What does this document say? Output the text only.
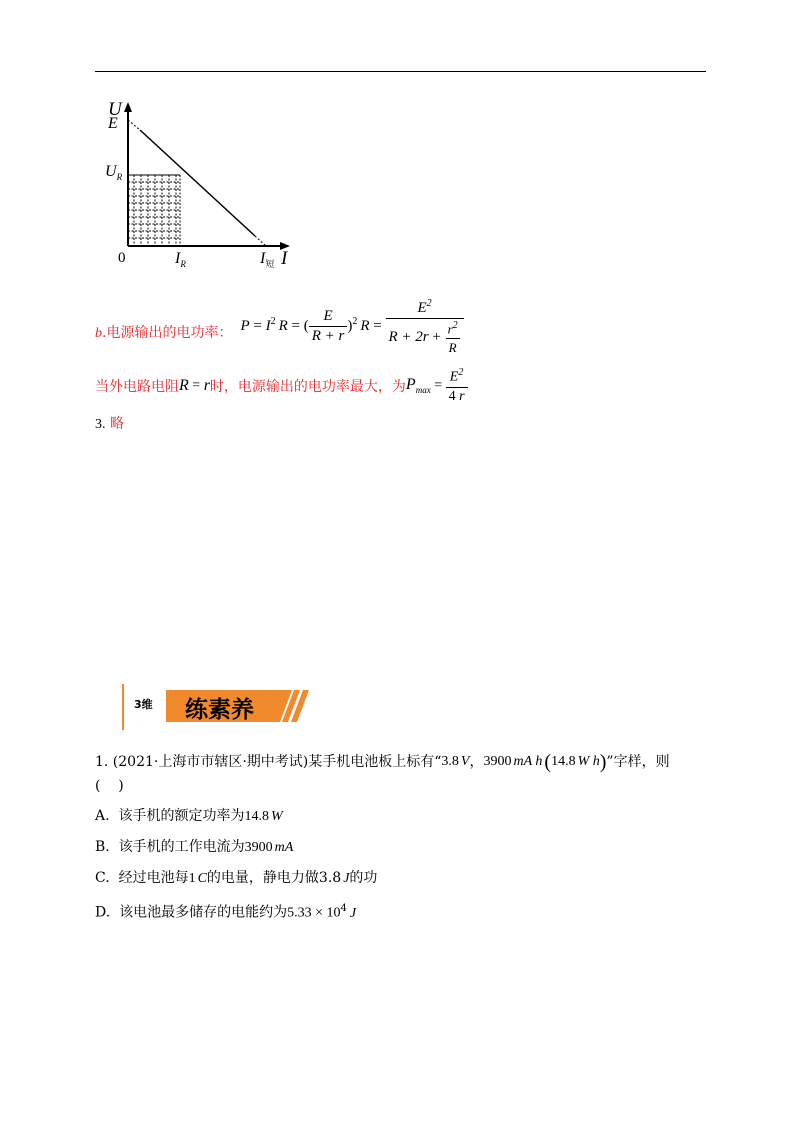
U
E
$U_R$
0	$I_R$	$I_短$ I
b.电源输出的电功率： $P = I^2$ R = ( $\frac{E}{R + r} )^2$ $R = \frac{E^2}{R + 2 r + \frac{r^2}{R}}$
当外电路电阻 R = r 时，电源输出的电功率最大，为 $P_{max} = \frac{E^2}{4 r}$
3. 略
3维 练素养
1. (2021·上海市市辖区·期中考试)某手机电池板上标有“ 3.8 V ， 3900 mA h ( 14.8 W h ) ”字样，则
(    )
A. 该手机的额定功率为14.8 W
B. 该手机的工作电流为3900 mA
C. 经过电池每1 C的电量，静电力做3.8 J的功
D. 该电池最多储存的电能约为$5.33 \times 10^4$ J
